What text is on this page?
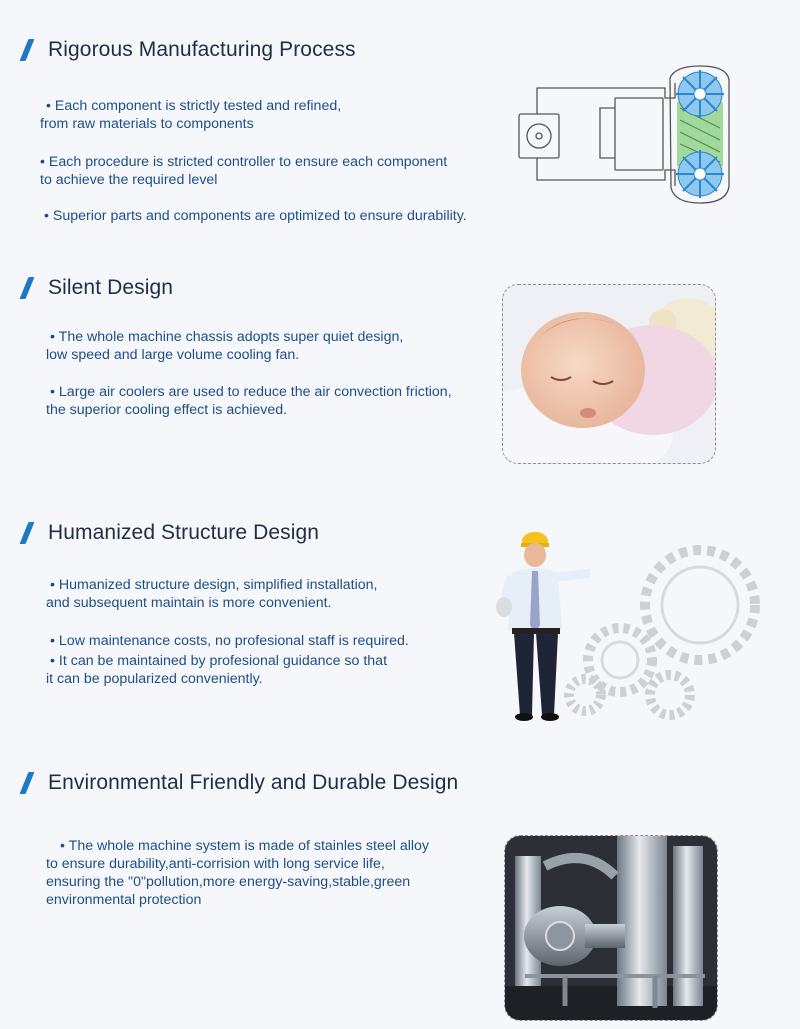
Rigorous Manufacturing Process
• Each component is strictly tested and refined,
from raw materials to components
• Each procedure is stricted controller to ensure each component
to achieve the required level
• Superior parts and components are optimized to ensure durability.
Silent Design
• The whole machine chassis adopts super quiet design,
low speed and large volume cooling fan.
• Large air coolers are used to reduce the air convection friction,
the superior cooling effect is achieved.
Humanized Structure Design
• Humanized structure design, simplified installation,
and subsequent maintain is more convenient.
• Low maintenance costs, no profesional staff is required.
• It can be maintained by profesional guidance so that
it can be popularized conveniently.
Environmental Friendly and Durable Design
• The whole machine system is made of stainles steel alloy
to ensure durability,anti-corrision with long service life,
ensuring the "0"pollution,more energy-saving,stable,green
environmental protection
